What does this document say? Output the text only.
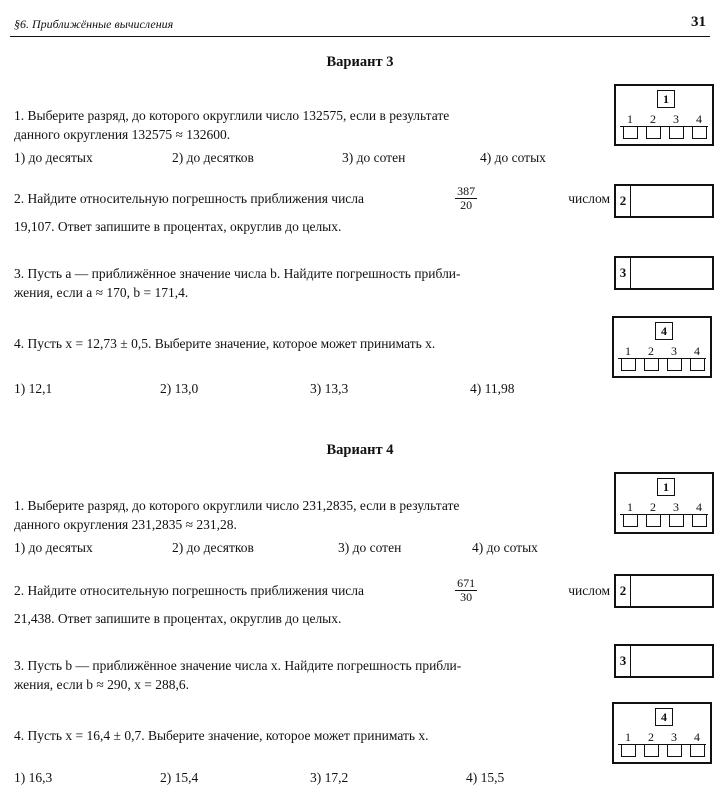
§6. Приближённые вычисления	31
Вариант 3
1. Выберите разряд, до которого округлили число 132575, если в результате
данного округления 132575 ≈ 132600.
1) до десятых	2) до десятков	3) до сотен	4) до сотых
1
1	2	3	4
2. Найдите относительную погрешность приближения числа	$\frac{387}{20}$	числом
19,107. Ответ запишите в процентах, округлив до целых.
2
3. Пусть a — приближённое значение числа b. Найдите погрешность прибли-
жения, если a ≈ 170, b = 171,4.
3
4. Пусть x = 12,73 ± 0,5. Выберите значение, которое может принимать x.
1) 12,1	2) 13,0	3) 13,3	4) 11,98
4
1	2	3	4
Вариант 4
1. Выберите разряд, до которого округлили число 231,2835, если в результате
данного округления 231,2835 ≈ 231,28.
1) до десятых	2) до десятков	3) до сотен	4) до сотых
1
1	2	3	4
2. Найдите относительную погрешность приближения числа	$\frac{671}{30}$	числом
21,438. Ответ запишите в процентах, округлив до целых.
2
3. Пусть b — приближённое значение числа x. Найдите погрешность прибли-
жения, если b ≈ 290, x = 288,6.
3
4. Пусть x = 16,4 ± 0,7. Выберите значение, которое может принимать x.
1) 16,3	2) 15,4	3) 17,2	4) 15,5
4
1	2	3	4
